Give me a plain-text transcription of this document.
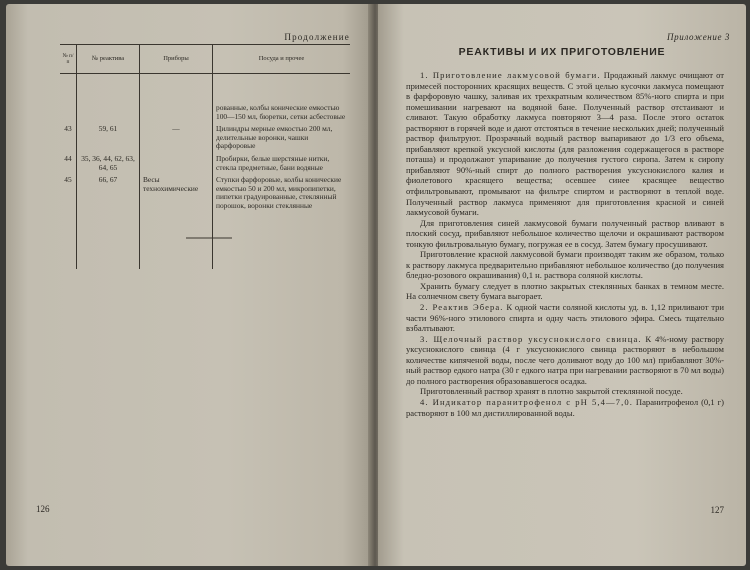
Продолжение
№ п/п	№ реактива	Приборы	Посуда и прочее
			рованные, колбы конические емкостью 100—150 мл, бюретки, сетки асбестовые
43	59, 61	—	Цилиндры мерные емкостью 200 мл, делительные воронки, чашки фарфоровые
44	35, 36, 44, 62, 63, 64, 65		Пробирки, белые шерстяные нитки, стекла предметные, бани водяные
45	66, 67	Весы технохимические	Ступки фарфоровые, колбы конические емкостью 50 и 200 мл, микропипетки, пипетки градуированные, стеклянный порошок, воронки стеклянные

126
Приложение 3
РЕАКТИВЫ И ИХ ПРИГОТОВЛЕНИЕ

1. Приготовление лакмусовой бумаги. Продажный лакмус очищают от примесей посторонних красящих веществ. С этой целью кусочки лакмуса помещают в фарфоровую чашку, заливая их трехкратным количеством 85%-ного спирта и при помешивании нагревают на водяной бане. Полученный раствор отстаивают и сливают. Такую обработку лакмуса повторяют 3—4 раза. После этого остаток растворяют в горячей воде и дают отстояться в течение нескольких дней; полученный раствор фильтруют. Прозрачный водный раствор выпаривают до 1/3 его объема, прибавляют крепкой уксусной кислоты (для разложения содержащегося в растворе поташа) и продолжают упаривание до получения густого сиропа. Затем к сиропу прибавляют 90%-ный спирт до полного растворения уксуснокислого калия и фиолетового красящего вещества; осевшее синее красящее вещество отфильтровывают, промывают на фильтре спиртом и растворяют в теплой воде. Полученный раствор лакмуса применяют для приготовления красной и синей лакмусовой бумаги.

Для приготовления синей лакмусовой бумаги полученный раствор вливают в плоский сосуд, прибавляют небольшое количество щелочи и окрашивают раствором тонкую фильтровальную бумагу, погружая ее в сосуд. Затем бумагу просушивают.

Приготовление красной лакмусовой бумаги производят таким же образом, только к раствору лакмуса предварительно прибавляют небольшое количество (до получения бледно-розового окрашивания) 0,1 н. раствора соляной кислоты.

Хранить бумагу следует в плотно закрытых стеклянных банках в темном месте. На солнечном свету бумага выгорает.

2. Реактив Эбера. К одной части соляной кислоты уд. в. 1,12 приливают три части 96%-ного этилового спирта и одну часть этилового эфира. Смесь тщательно взбалтывают.

3. Щелочный раствор уксуснокислого свинца. К 4%-ному раствору уксуснокислого свинца (4 г уксуснокислого свинца растворяют в небольшом количестве кипяченой воды, после чего доливают воду до 100 мл) прибавляют 30%-ный раствор едкого натра (30 г едкого натра при нагревании растворяют в 70 мл воды) до полного растворения образовавшегося осадка.

Приготовленный раствор хранят в плотно закрытой стеклянной посуде.

4. Индикатор паранитрофенол с pH 5,4—7,0. Паранитрофенол (0,1 г) растворяют в 100 мл дистиллированной воды.

127
